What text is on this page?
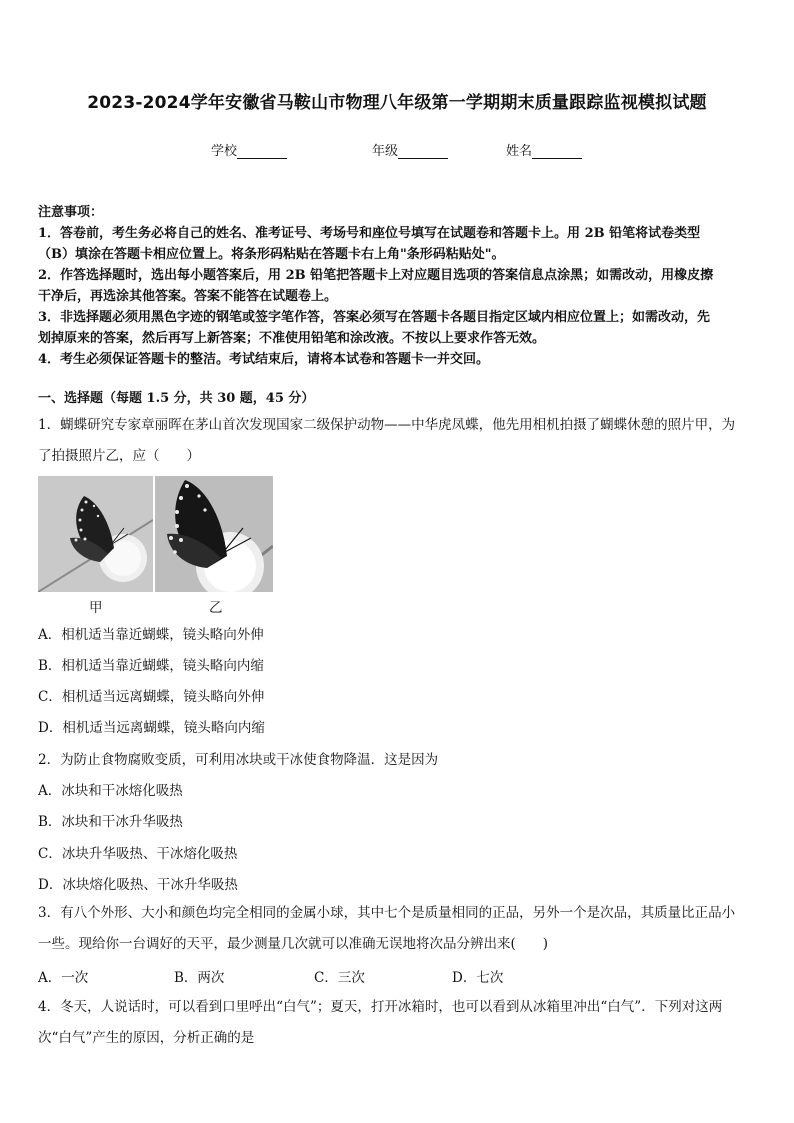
2023-2024学年安徽省马鞍山市物理八年级第一学期期末质量跟踪监视模拟试题
学校	年级	姓名
注意事项：

1．答卷前，考生务必将自己的姓名、准考证号、考场号和座位号填写在试题卷和答题卡上。用 2B 铅笔将试卷类型

（B）填涂在答题卡相应位置上。将条形码粘贴在答题卡右上角"条形码粘贴处"。

2．作答选择题时，选出每小题答案后，用 2B 铅笔把答题卡上对应题目选项的答案信息点涂黑；如需改动，用橡皮擦

干净后，再选涂其他答案。答案不能答在试题卷上。

3．非选择题必须用黑色字迹的钢笔或签字笔作答，答案必须写在答题卡各题目指定区域内相应位置上；如需改动，先

划掉原来的答案，然后再写上新答案；不准使用铅笔和涂改液。不按以上要求作答无效。

4．考生必须保证答题卡的整洁。考试结束后，请将本试卷和答题卡一并交回。

一、选择题（每题 1.5 分，共 30 题，45 分）
1．蝴蝶研究专家章丽晖在茅山首次发现国家二级保护动物——中华虎凤蝶，他先用相机拍摄了蝴蝶休憩的照片甲，为
了拍摄照片乙，应（　　）
甲	乙
A．相机适当靠近蝴蝶，镜头略向外伸
B．相机适当靠近蝴蝶，镜头略向内缩
C．相机适当远离蝴蝶，镜头略向外伸
D．相机适当远离蝴蝶，镜头略向内缩
2．为防止食物腐败变质，可利用冰块或干冰使食物降温．这是因为
A．冰块和干冰熔化吸热
B．冰块和干冰升华吸热
C．冰块升华吸热、干冰熔化吸热
D．冰块熔化吸热、干冰升华吸热
3．有八个外形、大小和颜色均完全相同的金属小球，其中七个是质量相同的正品，另外一个是次品，其质量比正品小
一些。现给你一台调好的天平，最少测量几次就可以准确无误地将次品分辨出来(　　)
A．一次	B．两次	C．三次	D．七次
4．冬天，人说话时，可以看到口里呼出“白气”；夏天，打开冰箱时，也可以看到从冰箱里冲出“白气”．下列对这两
次“白气”产生的原因，分析正确的是
